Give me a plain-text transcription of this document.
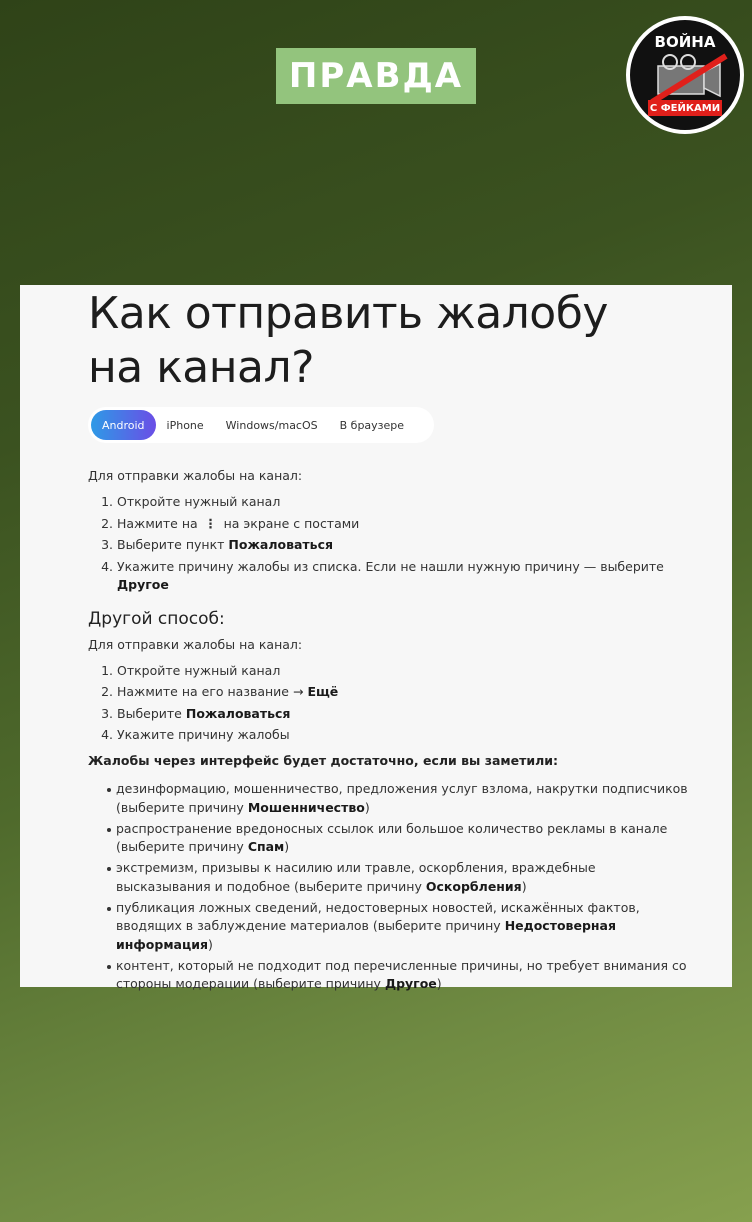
ПРАВДА
ВОЙНА
С ФЕЙКАМИ
Как отправить жалобу
на канал?
Android	iPhone	Windows/macOS	В браузере
Для отправки жалобы на канал:
1. Откройте нужный канал
2. Нажмите на ⋮ на экране с постами
3. Выберите пункт Пожаловаться
4. Укажите причину жалобы из списка. Если не нашли нужную причину — выберите Другое
Другой способ:
Для отправки жалобы на канал:
1. Откройте нужный канал
2. Нажмите на его название → Ещё
3. Выберите Пожаловаться
4. Укажите причину жалобы
Жалобы через интерфейс будет достаточно, если вы заметили:
дезинформацию, мошенничество, предложения услуг взлома, накрутки подписчиков (выберите причину Мошенничество)
распространение вредоносных ссылок или большое количество рекламы в канале (выберите причину Спам)
экстремизм, призывы к насилию или травле, оскорбления, враждебные высказывания и подобное (выберите причину Оскорбления)
публикация ложных сведений, недостоверных новостей, искажённых фактов, вводящих в заблуждение материалов (выберите причину Недостоверная информация)
контент, который не подходит под перечисленные причины, но требует внимания со стороны модерации (выберите причину Другое)
